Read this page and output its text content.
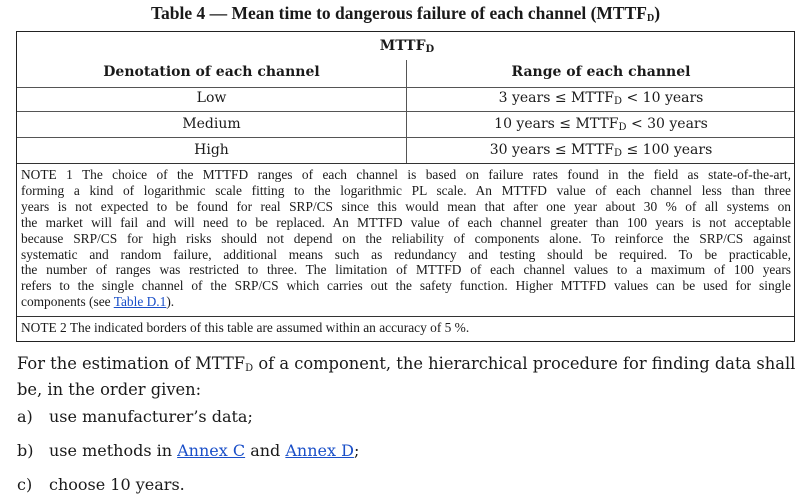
Table 4 — Mean time to dangerous failure of each channel $(MTTF_D)$
$MTTF_D$
Denotation of each channel	Range of each channel
Low	3 years ≤ $MTTF_D < 10$ years
Medium	10 years ≤ $MTTF_D < 30$ years
High	30 years ≤ $MTTF_D \le 100$ years
NOTE 1 The choice of the MTTFD ranges of each channel is based on failure rates found in the field as state-of-the-art,
forming a kind of logarithmic scale fitting to the logarithmic PL scale. An MTTFD value of each channel less than three
years is not expected to be found for real SRP/CS since this would mean that after one year about 30 % of all systems on
the market will fail and will need to be replaced. An MTTFD value of each channel greater than 100 years is not acceptable
because SRP/CS for high risks should not depend on the reliability of components alone. To reinforce the SRP/CS against
systematic and random failure, additional means such as redundancy and testing should be required. To be practicable,
the number of ranges was restricted to three. The limitation of MTTFD of each channel values to a maximum of 100 years
refers to the single channel of the SRP/CS which carries out the safety function. Higher MTTFD values can be used for single
components (see Table D.1).
NOTE 2 The indicated borders of this table are assumed within an accuracy of 5 %.
For the estimation of $MTTF_D$ of a component, the hierarchical procedure for finding data shall be, in the order given:
a) use manufacturer’s data;
b) use methods in Annex C and Annex D;
c) choose 10 years.
